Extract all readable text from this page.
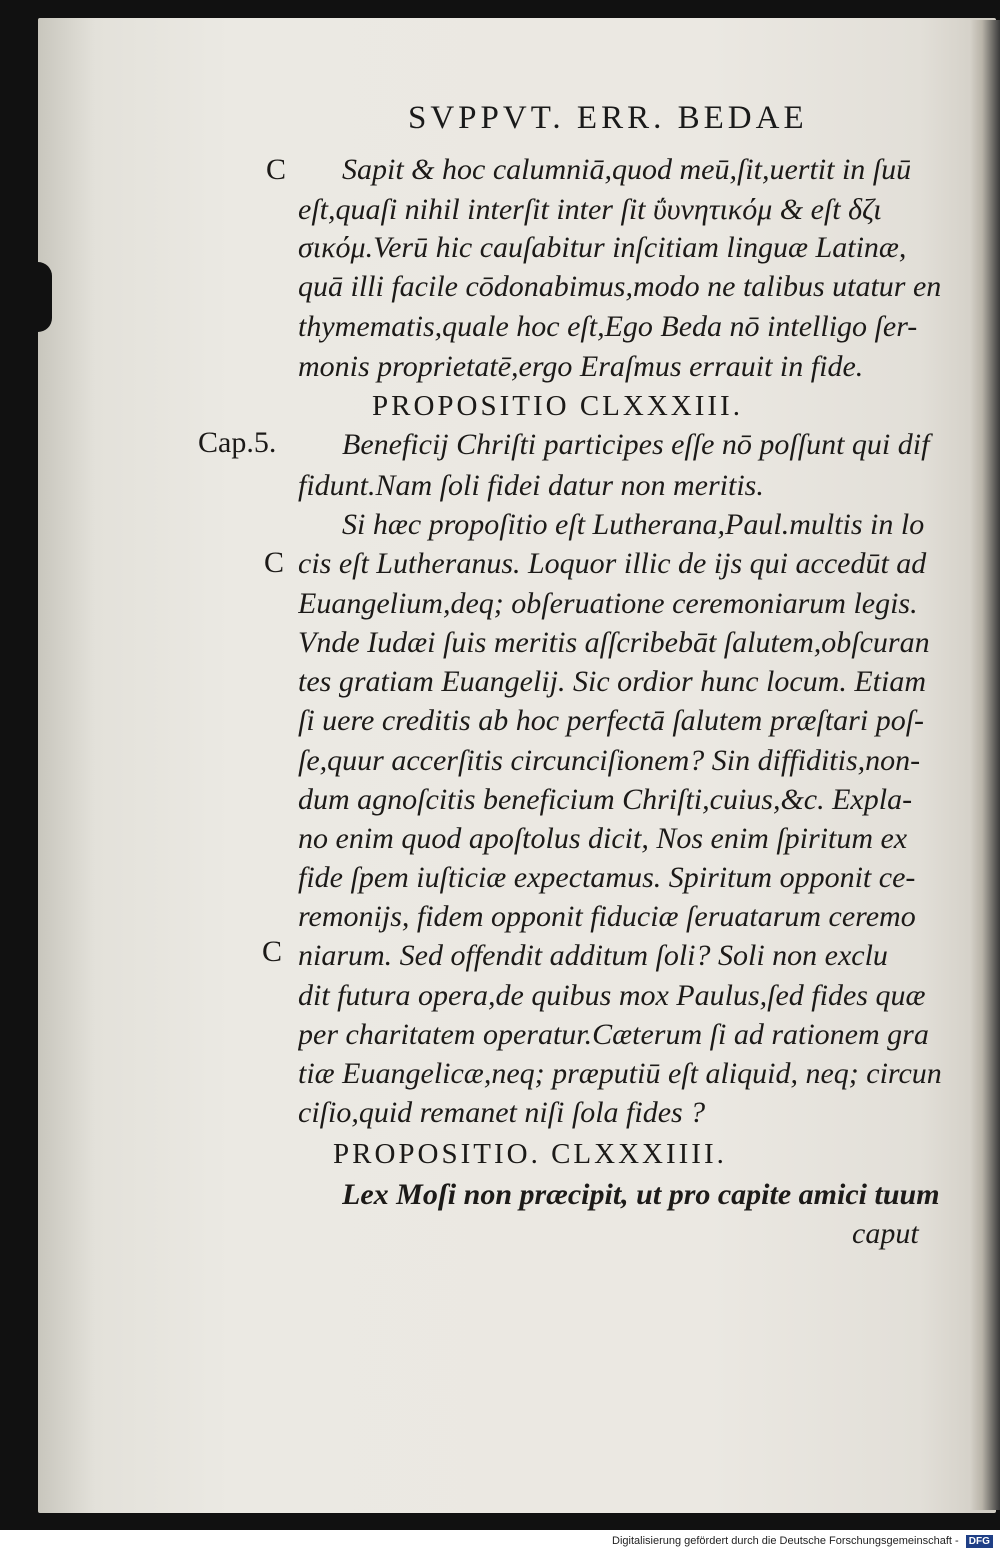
SVPPVT. ERR. BEDAE
C
Cap.5.
C
C
Sapit & hoc calumniā,quod meū,ſit,uertit in ſuū
eſt,quaſi nihil interſit inter ſit ΰυνητικόμ & eſt δζι
σικόμ.Verū hic cauſabitur inſcitiam linguæ Latinæ,
quā illi facile cōdonabimus,modo ne talibus utatur en
thymematis,quale hoc eſt,Ego Beda nō intelligo ſer-
monis proprietatē,ergo Eraſmus errauit in fide.
PROPOSITIO CLXXXIII.
Beneficij Chriſti participes eſſe nō poſſunt qui dif
fidunt.Nam ſoli fidei datur non meritis.
Si hæc propoſitio eſt Lutherana,Paul.multis in lo
cis eſt Lutheranus. Loquor illic de ijs qui accedūt ad
Euangelium,deq; obſeruatione ceremoniarum legis.
Vnde Iudæi ſuis meritis aſſcribebāt ſalutem,obſcuran
tes gratiam Euangelij. Sic ordior hunc locum. Etiam
ſi uere creditis ab hoc perfectā ſalutem præſtari poſ-
ſe,quur accerſitis circunciſionem? Sin diffiditis,non-
dum agnoſcitis beneficium Chriſti,cuius,&c. Expla-
no enim quod apoſtolus dicit, Nos enim ſpiritum ex
fide ſpem iuſticiæ expectamus. Spiritum opponit ce-
remonijs, fidem opponit fiduciæ ſeruatarum ceremo
niarum. Sed offendit additum ſoli? Soli non exclu
dit futura opera,de quibus mox Paulus,ſed fides quæ
per charitatem operatur.Cæterum ſi ad rationem gra
tiæ Euangelicæ,neq; præputiū eſt aliquid, neq; circun
ciſio,quid remanet niſi ſola fides ?
PROPOSITIO. CLXXXIIII.
Lex Moſi non præcipit, ut pro capite amici tuum
caput
Digitalisierung gefördert durch die Deutsche Forschungsgemeinschaft - DFG
